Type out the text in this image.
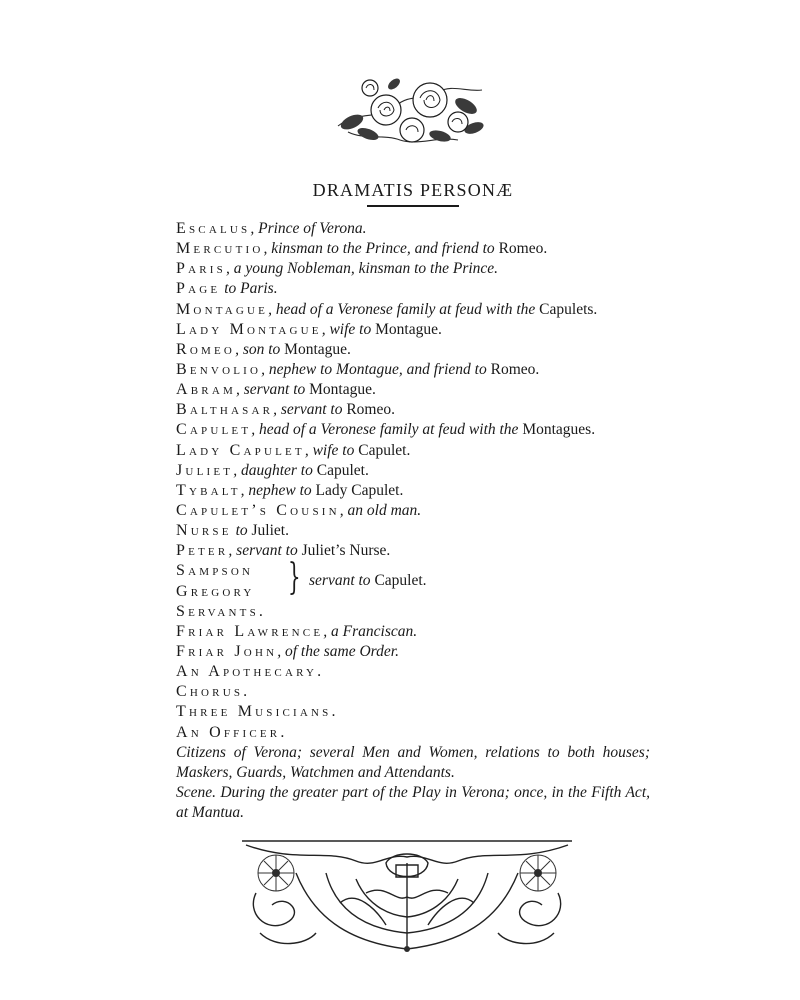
DRAMATIS PERSONÆ
Escalus, Prince of Verona.
Mercutio, kinsman to the Prince, and friend to Romeo.
Paris, a young Nobleman, kinsman to the Prince.
Page to Paris.
Montague, head of a Veronese family at feud with the Capulets.
Lady Montague, wife to Montague.
Romeo, son to Montague.
Benvolio, nephew to Montague, and friend to Romeo.
Abram, servant to Montague.
Balthasar, servant to Romeo.
Capulet, head of a Veronese family at feud with the Montagues.
Lady Capulet, wife to Capulet.
Juliet, daughter to Capulet.
Tybalt, nephew to Lady Capulet.
Capulet’s Cousin, an old man.
Nurse to Juliet.
Peter, servant to Juliet’s Nurse.
Sampson
Gregory } servant to Capulet.
Servants.
Friar Lawrence, a Franciscan.
Friar John, of the same Order.
An Apothecary.
Chorus.
Three Musicians.
An Officer.
Citizens of Verona; several Men and Women, relations to both houses; Maskers, Guards, Watchmen and Attendants.
Scene. During the greater part of the Play in Verona; once, in the Fifth Act, at Mantua.
